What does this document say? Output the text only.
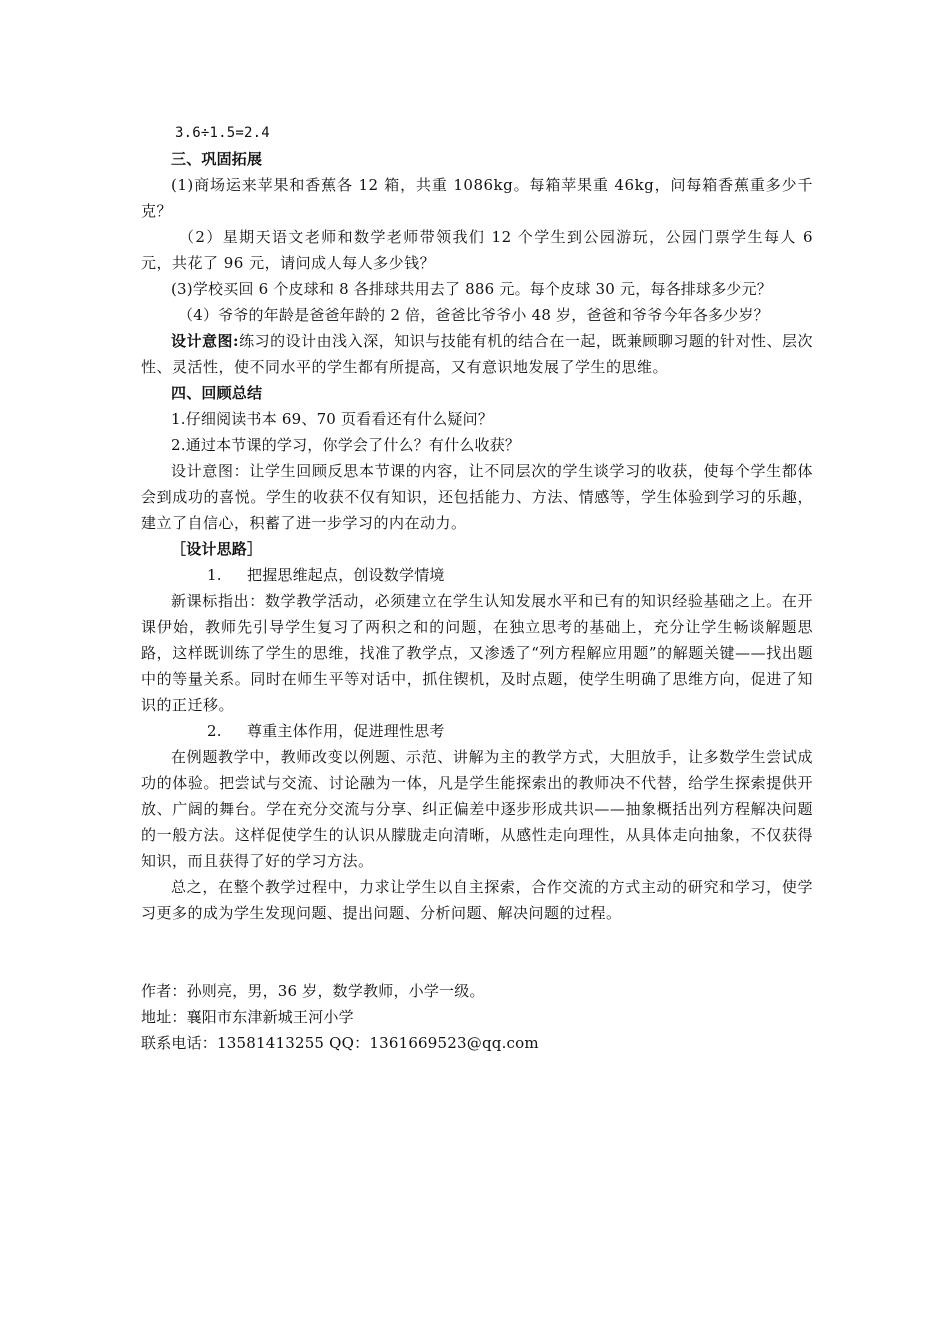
3.6÷1.5=2.4
三、巩固拓展
(1)商场运来苹果和香蕉各 12 箱，共重 1086kg。每箱苹果重 46kg，问每箱香蕉重多少千克？
（2）星期天语文老师和数学老师带领我们 12 个学生到公园游玩，公园门票学生每人 6 元，共花了 96 元，请问成人每人多少钱？
(3)学校买回 6 个皮球和 8 各排球共用去了 886 元。每个皮球 30 元，每各排球多少元？
（4）爷爷的年龄是爸爸年龄的 2 倍，爸爸比爷爷小 48 岁，爸爸和爷爷今年各多少岁？
设计意图:练习的设计由浅入深，知识与技能有机的结合在一起，既兼顾聊习题的针对性、层次性、灵活性，使不同水平的学生都有所提高，又有意识地发展了学生的思维。
四、回顾总结
1.仔细阅读书本 69、70 页看看还有什么疑问？
2.通过本节课的学习，你学会了什么？有什么收获？
设计意图：让学生回顾反思本节课的内容，让不同层次的学生谈学习的收获，使每个学生都体会到成功的喜悦。学生的收获不仅有知识，还包括能力、方法、情感等，学生体验到学习的乐趣，建立了自信心，积蓄了进一步学习的内在动力。
［设计思路］
1. 把握思维起点，创设数学情境
新课标指出：数学教学活动，必须建立在学生认知发展水平和已有的知识经验基础之上。在开课伊始，教师先引导学生复习了两积之和的问题，在独立思考的基础上，充分让学生畅谈解题思路，这样既训练了学生的思维，找准了教学点，又渗透了“列方程解应用题”的解题关键——找出题中的等量关系。同时在师生平等对话中，抓住锲机，及时点题，使学生明确了思维方向，促进了知识的正迁移。
2. 尊重主体作用，促进理性思考
在例题教学中，教师改变以例题、示范、讲解为主的教学方式，大胆放手，让多数学生尝试成功的体验。把尝试与交流、讨论融为一体，凡是学生能探索出的教师决不代替，给学生探索提供开放、广阔的舞台。学在充分交流与分享、纠正偏差中逐步形成共识——抽象概括出列方程解决问题的一般方法。这样促使学生的认识从朦胧走向清晰，从感性走向理性，从具体走向抽象，不仅获得知识，而且获得了好的学习方法。
总之，在整个教学过程中，力求让学生以自主探索，合作交流的方式主动的研究和学习，使学习更多的成为学生发现问题、提出问题、分析问题、解决问题的过程。
作者：孙则亮，男，36 岁，数学教师，小学一级。
地址：襄阳市东津新城王河小学
联系电话：13581413255 QQ：1361669523@qq.com
